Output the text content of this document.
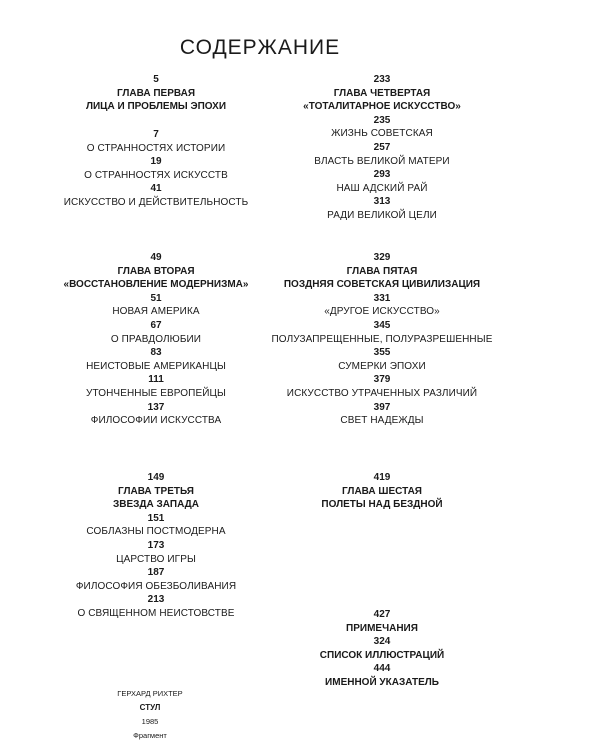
СОДЕРЖАНИЕ
5
ГЛАВА ПЕРВАЯ
ЛИЦА И ПРОБЛЕМЫ ЭПОХИ
7
О СТРАННОСТЯХ ИСТОРИИ
19
О СТРАННОСТЯХ ИСКУССТВ
41
ИСКУССТВО И ДЕЙСТВИТЕЛЬНОСТЬ
233
ГЛАВА ЧЕТВЕРТАЯ
«ТОТАЛИТАРНОЕ ИСКУССТВО»
235
ЖИЗНЬ СОВЕТСКАЯ
257
ВЛАСТЬ ВЕЛИКОЙ МАТЕРИ
293
НАШ АДСКИЙ РАЙ
313
РАДИ ВЕЛИКОЙ ЦЕЛИ
49
ГЛАВА ВТОРАЯ
«ВОССТАНОВЛЕНИЕ МОДЕРНИЗМА»
51
НОВАЯ АМЕРИКА
67
О ПРАВДОЛЮБИИ
83
НЕИСТОВЫЕ АМЕРИКАНЦЫ
111
УТОНЧЕННЫЕ ЕВРОПЕЙЦЫ
137
ФИЛОСОФИИ ИСКУССТВА
329
ГЛАВА ПЯТАЯ
ПОЗДНЯЯ СОВЕТСКАЯ ЦИВИЛИЗАЦИЯ
331
«ДРУГОЕ ИСКУССТВО»
345
ПОЛУЗАПРЕЩЕННЫЕ, ПОЛУРАЗРЕШЕННЫЕ
355
СУМЕРКИ ЭПОХИ
379
ИСКУССТВО УТРАЧЕННЫХ РАЗЛИЧИЙ
397
СВЕТ НАДЕЖДЫ
149
ГЛАВА ТРЕТЬЯ
ЗВЕЗДА ЗАПАДА
151
СОБЛАЗНЫ ПОСТМОДЕРНА
173
ЦАРСТВО ИГРЫ
187
ФИЛОСОФИЯ ОБЕЗБОЛИВАНИЯ
213
О СВЯЩЕННОМ НЕИСТОВСТВЕ
419
ГЛАВА ШЕСТАЯ
ПОЛЕТЫ НАД БЕЗДНОЙ
427
ПРИМЕЧАНИЯ
324
СПИСОК ИЛЛЮСТРАЦИЙ
444
ИМЕННОЙ УКАЗАТЕЛЬ
ГЕРХАРД РИХТЕР
СТУЛ
1985
Фрагмент
